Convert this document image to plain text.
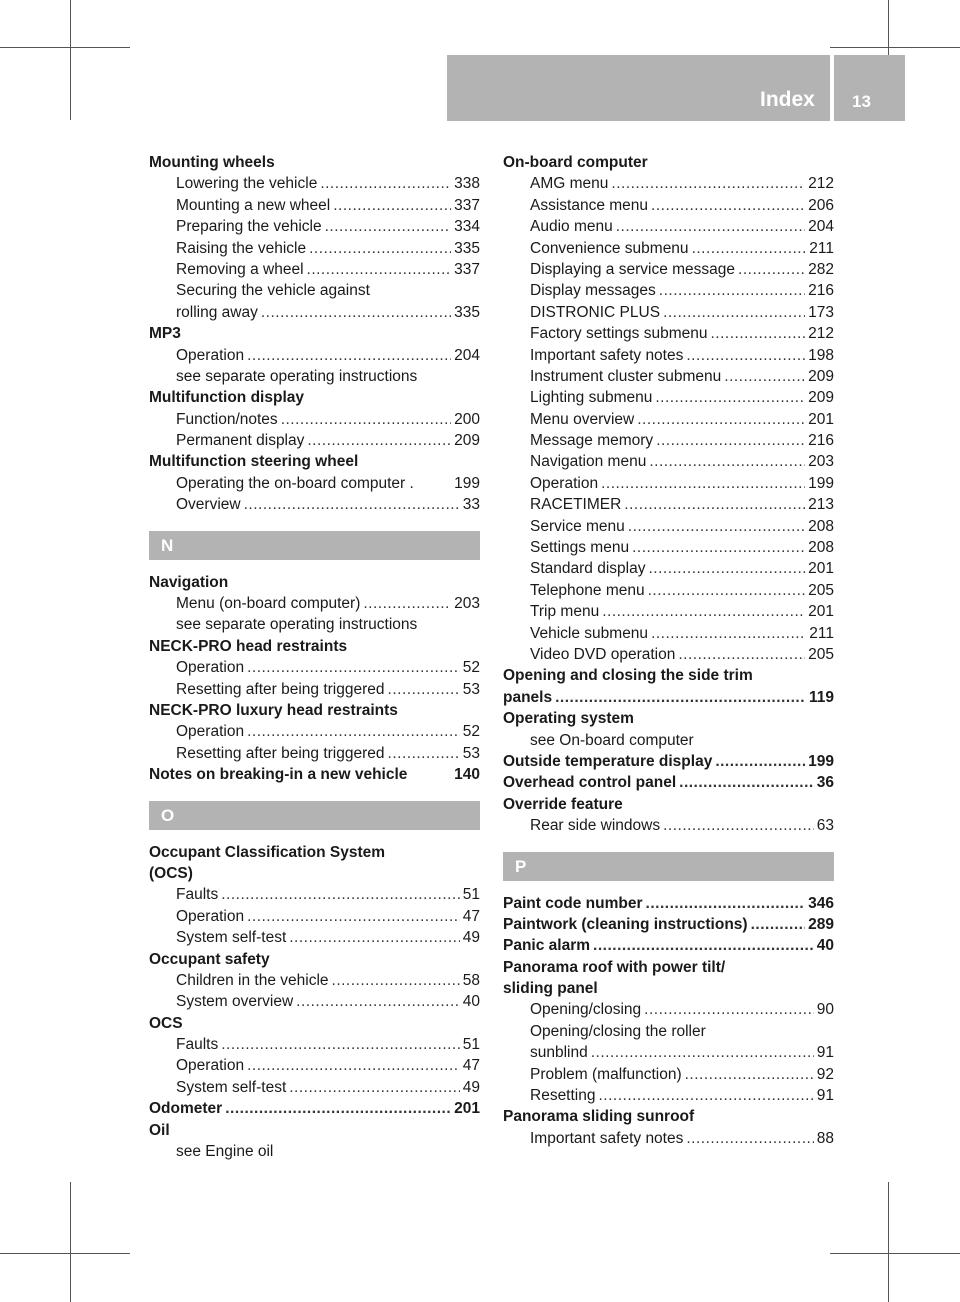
Index 13
Mounting wheels
Lowering the vehicle .....	338
Mounting a new wheel .....	337
Preparing the vehicle .....	334
Raising the vehicle .....	335
Removing a wheel .....	337
Securing the vehicle against
rolling away .....	335
MP3
Operation .....	204
see separate operating instructions
Multifunction display
Function/notes .....	200
Permanent display .....	209
Multifunction steering wheel
Operating the on-board computer .	199
Overview .....	33
N
Navigation
Menu (on-board computer) .....	203
see separate operating instructions
NECK-PRO head restraints
Operation .....	52
Resetting after being triggered .....	53
NECK-PRO luxury head restraints
Operation .....	52
Resetting after being triggered .....	53
Notes on breaking-in a new vehicle	140
O
Occupant Classification System
(OCS)
Faults .....	51
Operation .....	47
System self-test .....	49
Occupant safety
Children in the vehicle .....	58
System overview .....	40
OCS
Faults .....	51
Operation .....	47
System self-test .....	49
Odometer .....	201
Oil
see Engine oil
On-board computer
AMG menu .....	212
Assistance menu .....	206
Audio menu .....	204
Convenience submenu .....	211
Displaying a service message .....	282
Display messages .....	216
DISTRONIC PLUS .....	173
Factory settings submenu .....	212
Important safety notes .....	198
Instrument cluster submenu .....	209
Lighting submenu .....	209
Menu overview .....	201
Message memory .....	216
Navigation menu .....	203
Operation .....	199
RACETIMER .....	213
Service menu .....	208
Settings menu .....	208
Standard display .....	201
Telephone menu .....	205
Trip menu .....	201
Vehicle submenu .....	211
Video DVD operation .....	205
Opening and closing the side trim
panels .....	119
Operating system
see On-board computer
Outside temperature display .....	199
Overhead control panel .....	36
Override feature
Rear side windows .....	63
P
Paint code number .....	346
Paintwork (cleaning instructions) .....	289
Panic alarm .....	40
Panorama roof with power tilt/
sliding panel
Opening/closing .....	90
Opening/closing the roller
sunblind .....	91
Problem (malfunction) .....	92
Resetting .....	91
Panorama sliding sunroof
Important safety notes .....	88
